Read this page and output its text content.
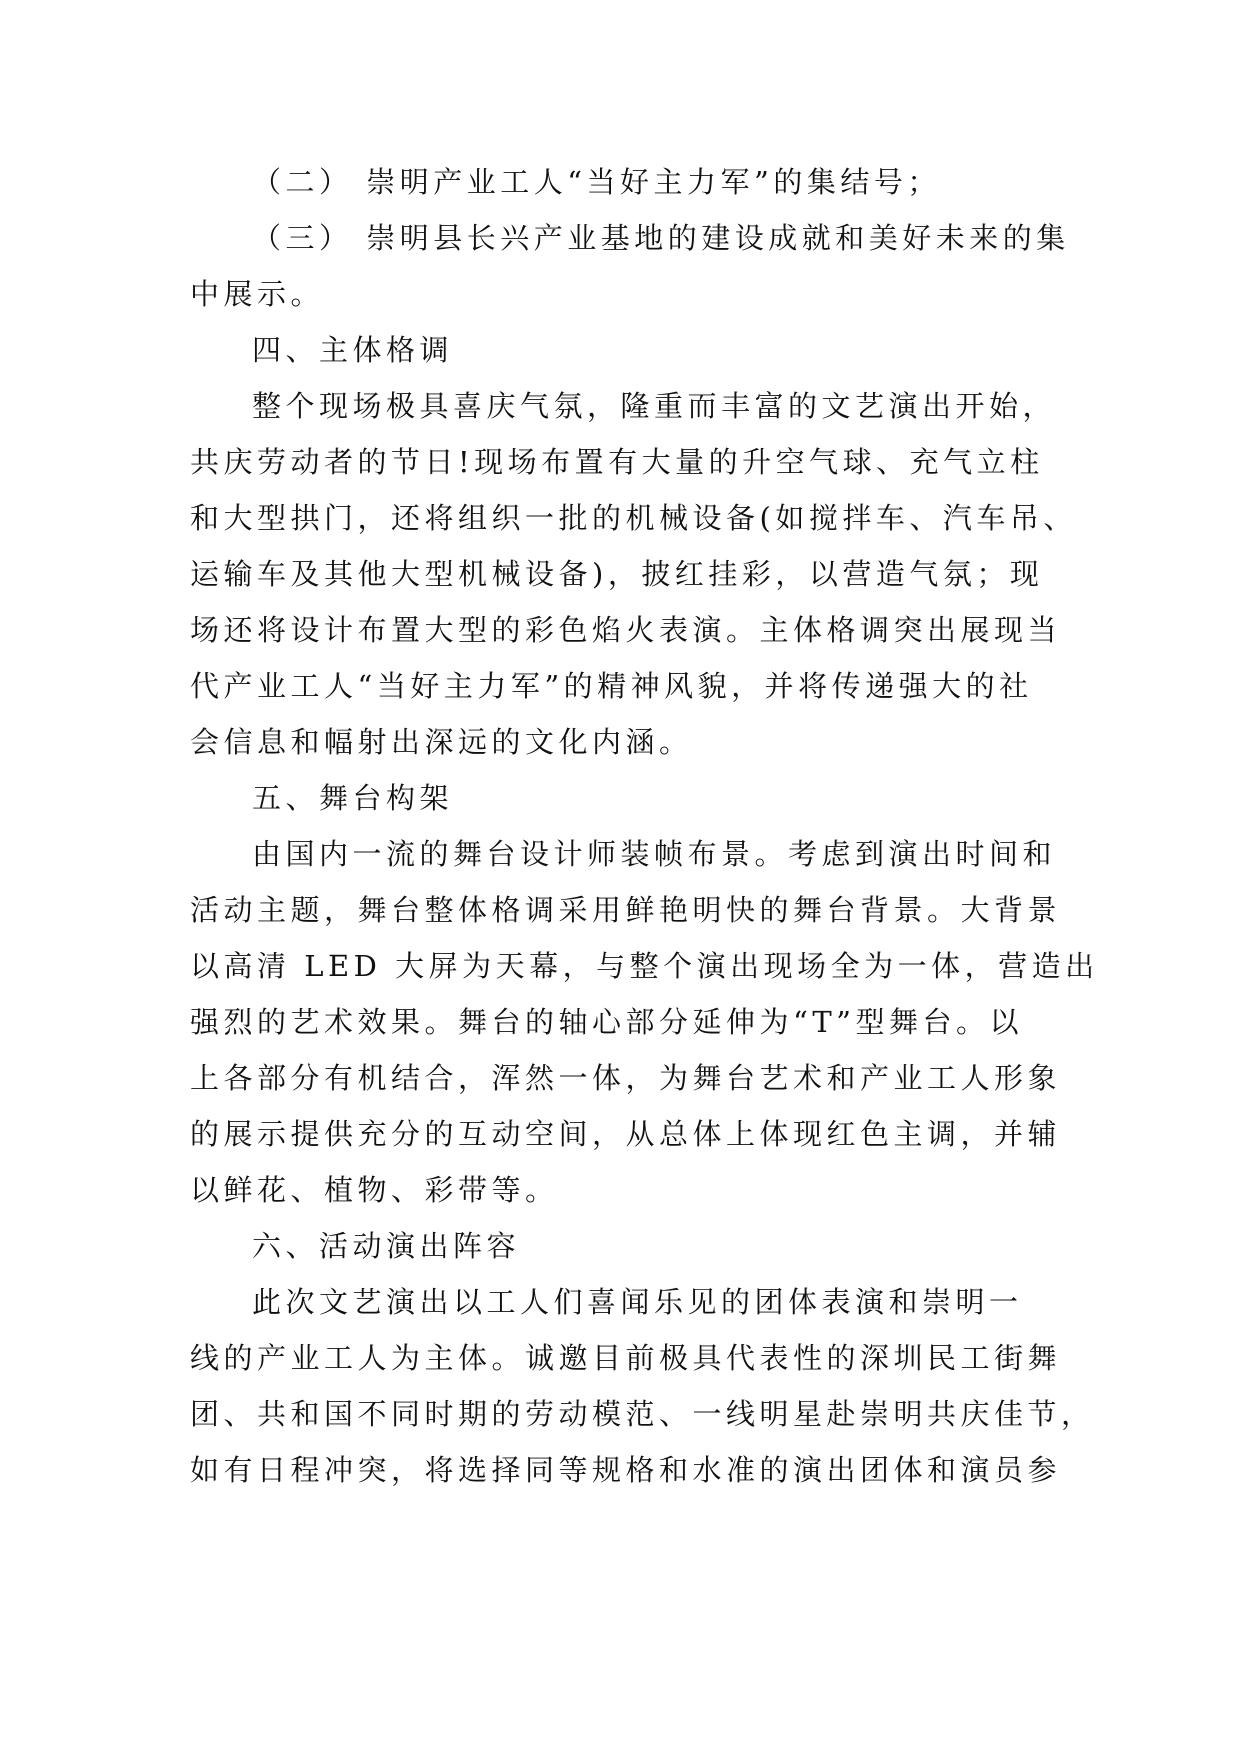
（二） 崇明产业工人“当好主力军”的集结号；
（三） 崇明县长兴产业基地的建设成就和美好未来的集
中展示。
四、主体格调
整个现场极具喜庆气氛，隆重而丰富的文艺演出开始，
共庆劳动者的节日!现场布置有大量的升空气球、充气立柱
和大型拱门，还将组织一批的机械设备(如搅拌车、汽车吊、
运输车及其他大型机械设备)，披红挂彩，以营造气氛；现
场还将设计布置大型的彩色焰火表演。主体格调突出展现当
代产业工人“当好主力军”的精神风貌，并将传递强大的社
会信息和幅射出深远的文化内涵。
五、舞台构架
由国内一流的舞台设计师装帧布景。考虑到演出时间和
活动主题，舞台整体格调采用鲜艳明快的舞台背景。大背景
以高清 LED 大屏为天幕，与整个演出现场全为一体，营造出
强烈的艺术效果。舞台的轴心部分延伸为“T”型舞台。以
上各部分有机结合，浑然一体，为舞台艺术和产业工人形象
的展示提供充分的互动空间，从总体上体现红色主调，并辅
以鲜花、植物、彩带等。
六、活动演出阵容
此次文艺演出以工人们喜闻乐见的团体表演和崇明一
线的产业工人为主体。诚邀目前极具代表性的深圳民工街舞
团、共和国不同时期的劳动模范、一线明星赴崇明共庆佳节，
如有日程冲突，将选择同等规格和水准的演出团体和演员参
